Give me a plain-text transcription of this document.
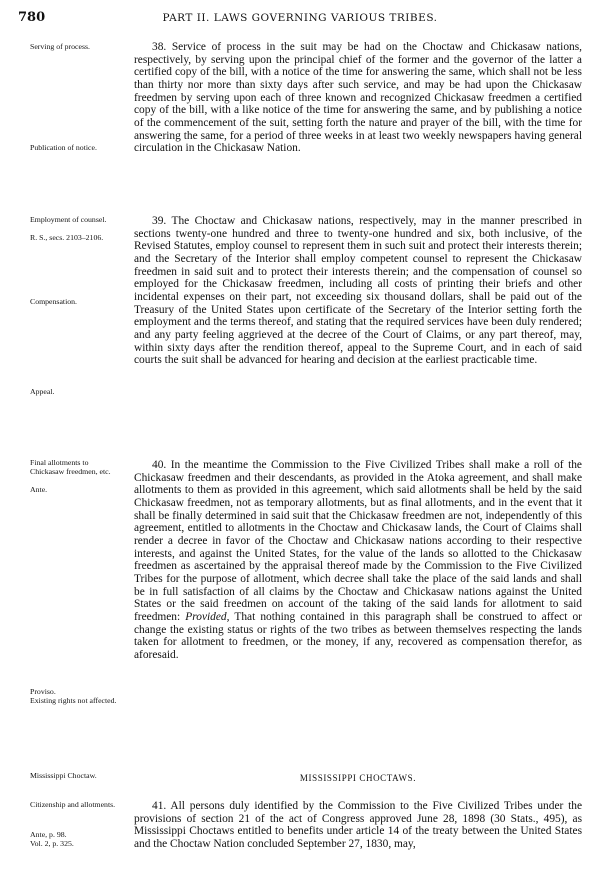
780	PART II. LAWS GOVERNING VARIOUS TRIBES.
Serving of process.
Publication of notice.
Employment of counsel.
R. S., secs. 2103–2106.
Compensation.
Appeal.
Final allotments to Chickasaw freedmen, etc.
Ante.
Proviso.
Existing rights not affected.
Mississippi Choctaw.
Citizenship and allotments.
Ante, p. 98.
Vol. 2, p. 325.

38. Service of process in the suit may be had on the Choctaw and Chickasaw nations, respectively, by serving upon the principal chief of the former and the governor of the latter a certified copy of the bill, with a notice of the time for answering the same, which shall not be less than thirty nor more than sixty days after such service, and may be had upon the Chickasaw freedmen by serving upon each of three known and recognized Chickasaw freedmen a certified copy of the bill, with a like notice of the time for answering the same, and by publishing a notice of the commencement of the suit, setting forth the nature and prayer of the bill, with the time for answering the same, for a period of three weeks in at least two weekly newspapers having general circulation in the Chickasaw Nation.

39. The Choctaw and Chickasaw nations, respectively, may in the manner prescribed in sections twenty-one hundred and three to twenty-one hundred and six, both inclusive, of the Revised Statutes, employ counsel to represent them in such suit and protect their interests therein; and the Secretary of the Interior shall employ competent counsel to represent the Chickasaw freedmen in said suit and to protect their interests therein; and the compensation of counsel so employed for the Chickasaw freedmen, including all costs of printing their briefs and other incidental expenses on their part, not exceeding six thousand dollars, shall be paid out of the Treasury of the United States upon certificate of the Secretary of the Interior setting forth the employment and the terms thereof, and stating that the required services have been duly rendered; and any party feeling aggrieved at the decree of the Court of Claims, or any part thereof, may, within sixty days after the rendition thereof, appeal to the Supreme Court, and in each of said courts the suit shall be advanced for hearing and decision at the earliest practicable time.

40. In the meantime the Commission to the Five Civilized Tribes shall make a roll of the Chickasaw freedmen and their descendants, as provided in the Atoka agreement, and shall make allotments to them as provided in this agreement, which said allotments shall be held by the said Chickasaw freedmen, not as temporary allotments, but as final allotments, and in the event that it shall be finally determined in said suit that the Chickasaw freedmen are not, independently of this agreement, entitled to allotments in the Choctaw and Chickasaw lands, the Court of Claims shall render a decree in favor of the Choctaw and Chickasaw nations according to their respective interests, and against the United States, for the value of the lands so allotted to the Chickasaw freedmen as ascertained by the appraisal thereof made by the Commission to the Five Civilized Tribes for the purpose of allotment, which decree shall take the place of the said lands and shall be in full satisfaction of all claims by the Choctaw and Chickasaw nations against the United States or the said freedmen on account of the taking of the said lands for allotment to said freedmen: Provided, That nothing contained in this paragraph shall be construed to affect or change the existing status or rights of the two tribes as between themselves respecting the lands taken for allotment to freedmen, or the money, if any, recovered as compensation therefor, as aforesaid.

MISSISSIPPI CHOCTAWS.

41. All persons duly identified by the Commission to the Five Civilized Tribes under the provisions of section 21 of the act of Congress approved June 28, 1898 (30 Stats., 495), as Mississippi Choctaws entitled to benefits under article 14 of the treaty between the United States and the Choctaw Nation concluded September 27, 1830, may,
